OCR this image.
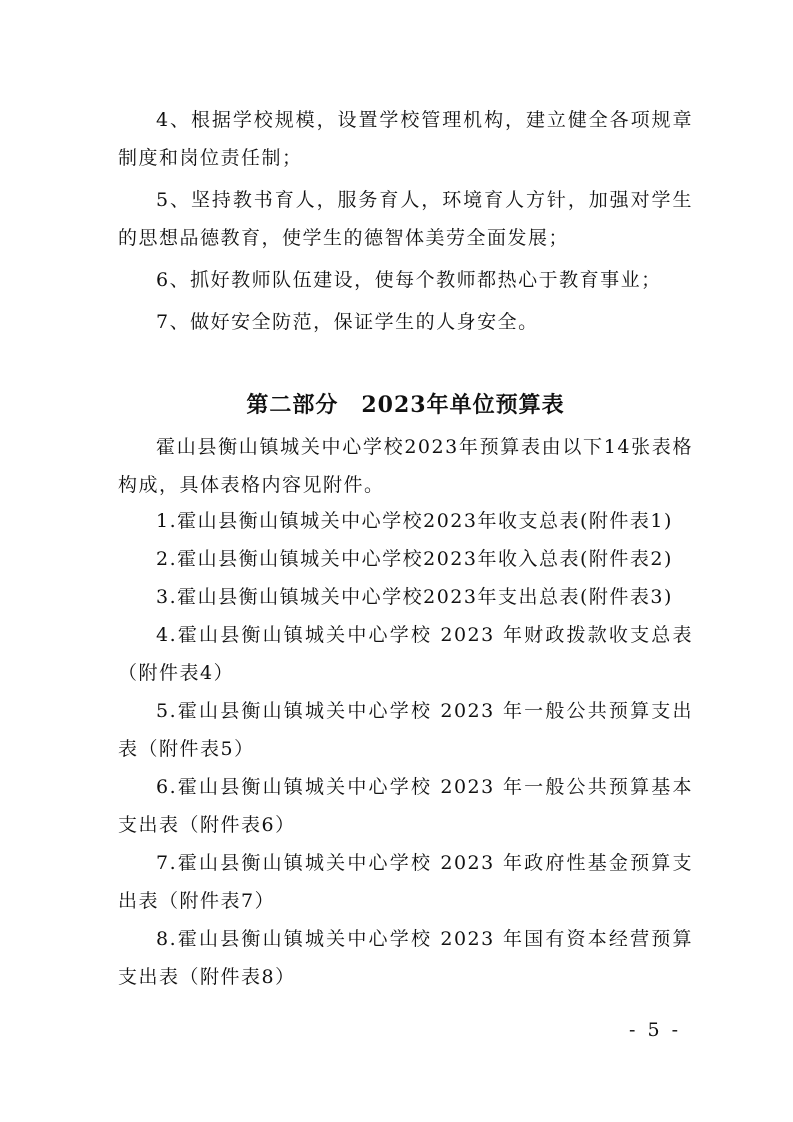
4、根据学校规模，设置学校管理机构，建立健全各项规章制度和岗位责任制；

5、坚持教书育人，服务育人，环境育人方针，加强对学生的思想品德教育，使学生的德智体美劳全面发展；

6、抓好教师队伍建设，使每个教师都热心于教育事业；

7、做好安全防范，保证学生的人身安全。

第二部分　2023年单位预算表

霍山县衡山镇城关中心学校2023年预算表由以下14张表格构成，具体表格内容见附件。

1.霍山县衡山镇城关中心学校2023年收支总表(附件表1)

2.霍山县衡山镇城关中心学校2023年收入总表(附件表2)

3.霍山县衡山镇城关中心学校2023年支出总表(附件表3)

4.霍山县衡山镇城关中心学校 2023 年财政拨款收支总表（附件表4）

5.霍山县衡山镇城关中心学校 2023 年一般公共预算支出表（附件表5）

6.霍山县衡山镇城关中心学校 2023 年一般公共预算基本支出表（附件表6）

7.霍山县衡山镇城关中心学校 2023 年政府性基金预算支出表（附件表7）

8.霍山县衡山镇城关中心学校 2023 年国有资本经营预算支出表（附件表8）

- 5 -
